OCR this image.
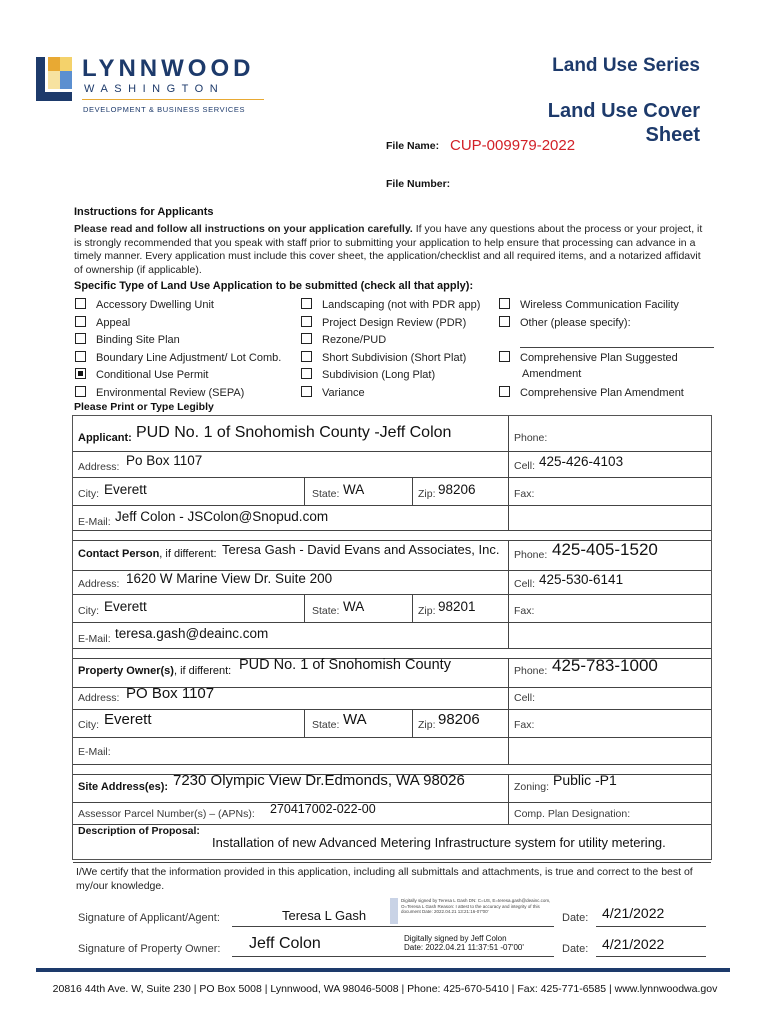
LYNNWOOD
WASHINGTON
DEVELOPMENT & BUSINESS SERVICES
Land Use Series
Land Use Cover
Sheet
File Name: CUP-009979-2022
File Number:
Instructions for Applicants
Please read and follow all instructions on your application carefully. If you have any questions about the process or your project, it is strongly recommended that you speak with staff prior to submitting your application to help ensure that processing can advance in a timely manner. Every application must include this cover sheet, the application/checklist and all required items, and a notarized affidavit of ownership (if applicable).
Specific Type of Land Use Application to be submitted (check all that apply):
Accessory Dwelling Unit
Appeal
Binding Site Plan
Boundary Line Adjustment/ Lot Comb.
Conditional Use Permit
Environmental Review (SEPA)
Landscaping (not with PDR app)
Project Design Review (PDR)
Rezone/PUD
Short Subdivision (Short Plat)
Subdivision (Long Plat)
Variance
Wireless Communication Facility
Other (please specify):
Comprehensive Plan Suggested
Amendment
Comprehensive Plan Amendment
Please Print or Type Legibly
Applicant: PUD No. 1 of Snohomish County -Jeff Colon	Phone:
Address: Po Box 1107	Cell: 425-426-4103
City: Everett	State: WA	Zip: 98206	Fax:
E-Mail: Jeff Colon - JSColon@Snopud.com
Contact Person, if different: Teresa Gash - David Evans and Associates, Inc. Phone: 425-405-1520
Address: 1620 W Marine View Dr. Suite 200	Cell: 425-530-6141
City: Everett	State: WA	Zip: 98201	Fax:
E-Mail: teresa.gash@deainc.com
Property Owner(s), if different: PUD No. 1 of Snohomish County	Phone: 425-783-1000
Address: PO Box 1107	Cell:
City: Everett	State: WA	Zip: 98206	Fax:
E-Mail:
Site Address(es): 7230 Olympic View Dr.Edmonds, WA 98026	Zoning: Public -P1
Assessor Parcel Number(s) – (APNs): 270417002-022-00	Comp. Plan Designation:
Description of Proposal:
Installation of new Advanced Metering Infrastructure system for utility metering.
I/We certify that the information provided in this application, including all submittals and attachments, is true and correct to the best of my/our knowledge.
Signature of Applicant/Agent:	Teresa L Gash
Digitally signed by Teresa L Gash DN: C=US, E=teresa.gash@deainc.com, O=Teresa L Gash Reason: I attest to the accuracy and integrity of this document Date: 2022.04.21 13:21:16-07'00'
Date: 4/21/2022
Signature of Property Owner: Jeff Colon	Digitally signed by Jeff Colon
Date: 2022.04.21 11:37:51 -07'00'	Date: 4/21/2022
20816 44th Ave. W, Suite 230 | PO Box 5008 | Lynnwood, WA 98046-5008 | Phone: 425-670-5410 | Fax: 425-771-6585 | www.lynnwoodwa.gov
